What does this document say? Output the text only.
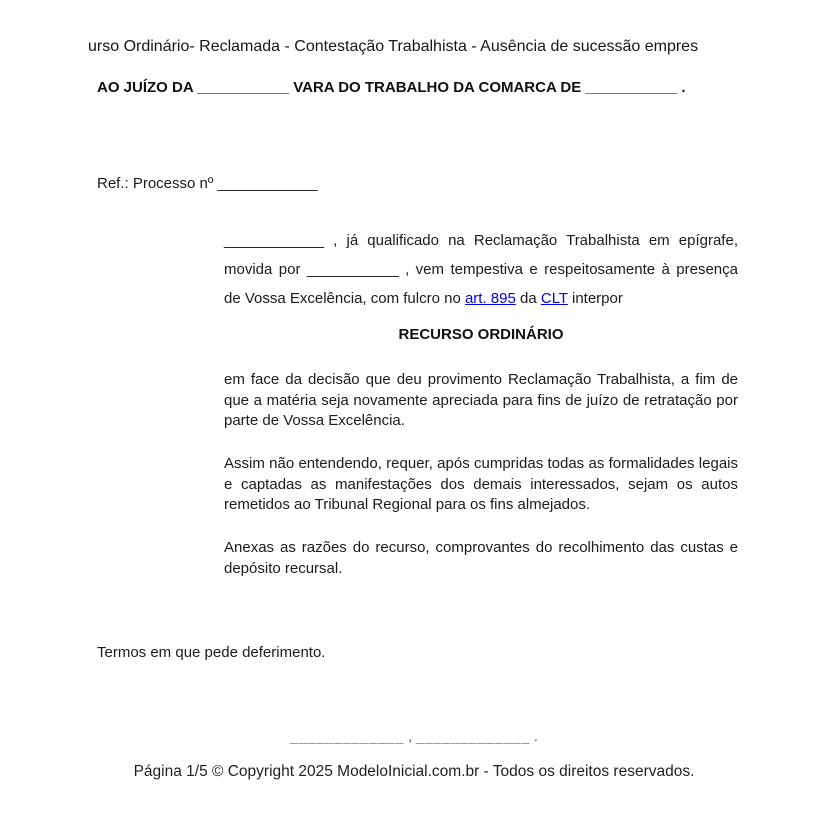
urso Ordinário- Reclamada - Contestação Trabalhista - Ausência de sucessão empres
AO JUÍZO DA ___________ VARA DO TRABALHO DA COMARCA DE ___________ .
Ref.: Processo nº ____________
____________ , já qualificado na Reclamação Trabalhista em epígrafe, movida por ___________ , vem tempestiva e respeitosamente à presença de Vossa Excelência, com fulcro no art. 895 da CLT interpor
RECURSO ORDINÁRIO
em face da decisão que deu provimento Reclamação Trabalhista, a fim de que a matéria seja novamente apreciada para fins de juízo de retratação por parte de Vossa Excelência.
Assim não entendendo, requer, após cumpridas todas as formalidades legais e captadas as manifestações dos demais interessados, sejam os autos remetidos ao Tribunal Regional para os fins almejados.
Anexas as razões do recurso, comprovantes do recolhimento das custas e depósito recursal.
Termos em que pede deferimento.
_____________ , _____________ .
Página 1/5 © Copyright 2025 ModeloInicial.com.br - Todos os direitos reservados.
